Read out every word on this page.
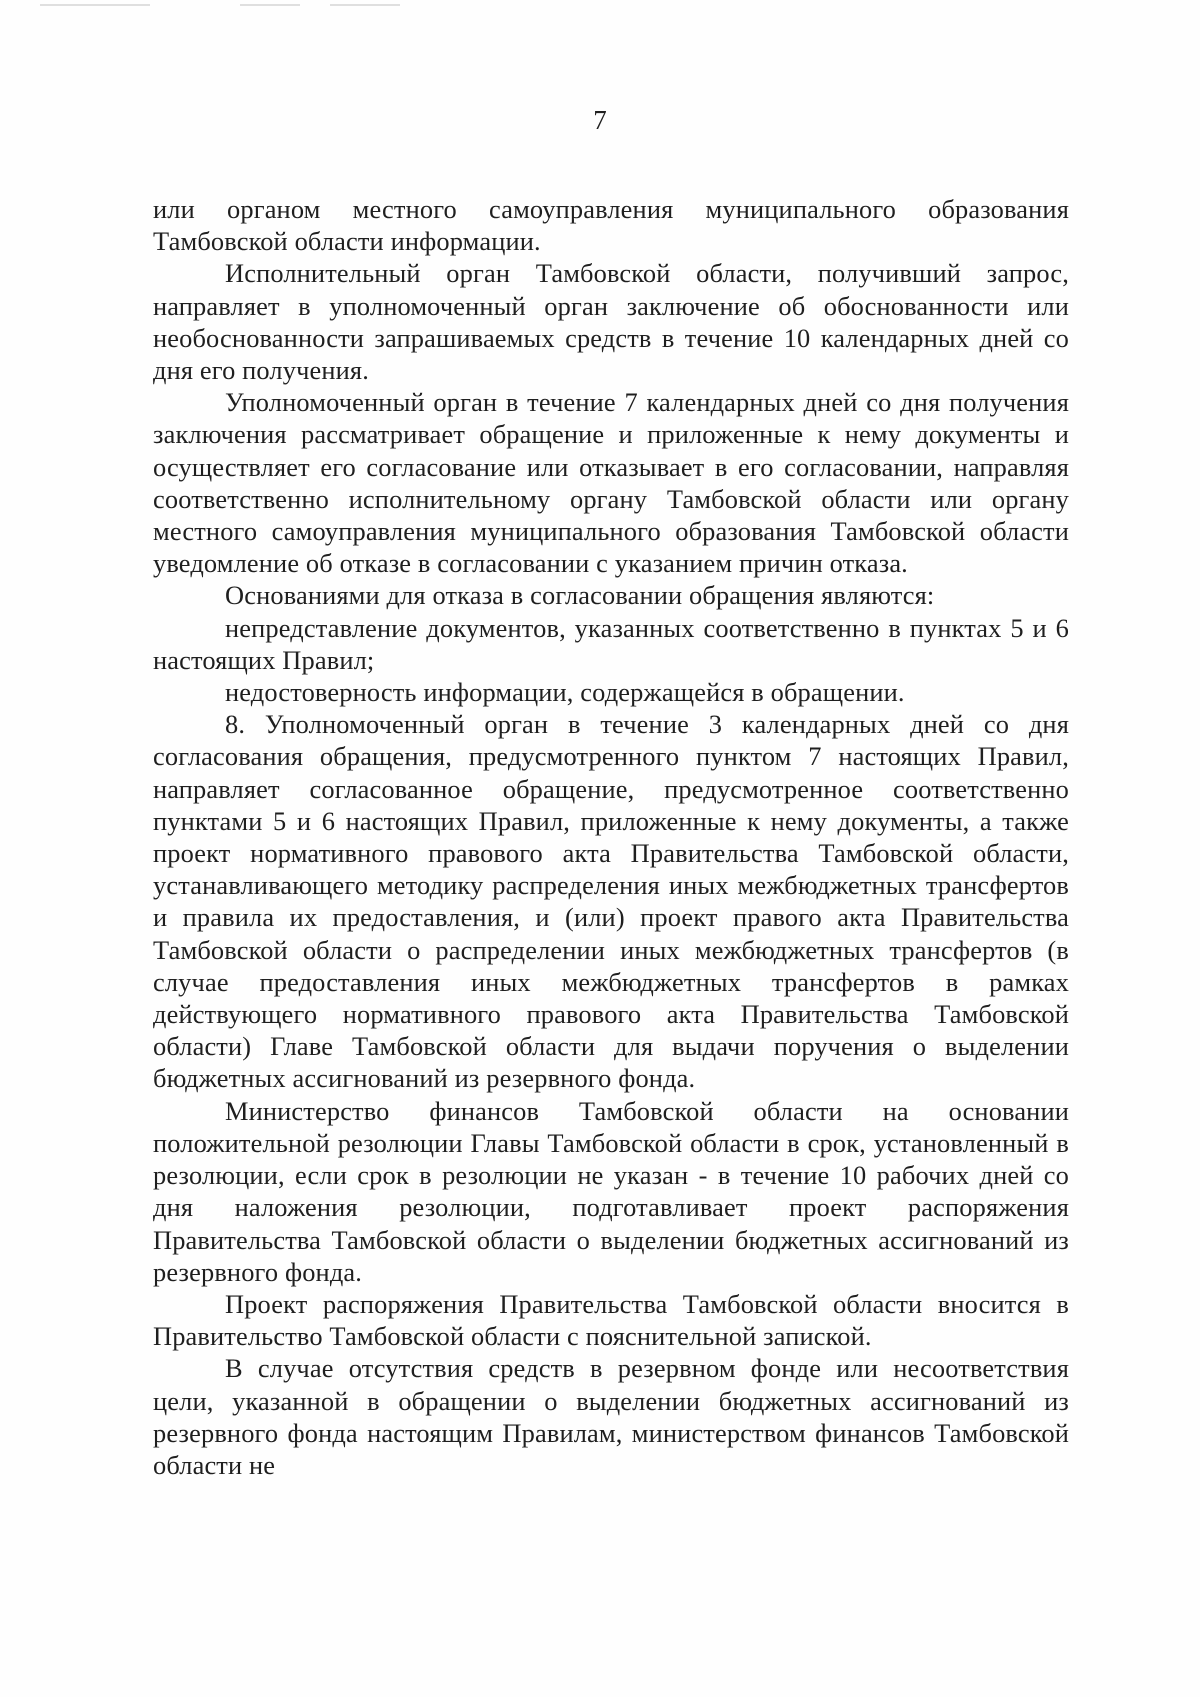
7

или органом местного самоуправления муниципального образования Тамбовской области информации.

Исполнительный орган Тамбовской области, получивший запрос, направляет в уполномоченный орган заключение об обоснованности или необоснованности запрашиваемых средств в течение 10 календарных дней со дня его получения.

Уполномоченный орган в течение 7 календарных дней со дня получения заключения рассматривает обращение и приложенные к нему документы и осуществляет его согласование или отказывает в его согласовании, направляя соответственно исполнительному органу Тамбовской области или органу местного самоуправления муниципального образования Тамбовской области уведомление об отказе в согласовании с указанием причин отказа.

Основаниями для отказа в согласовании обращения являются:

непредставление документов, указанных соответственно в пунктах 5 и 6 настоящих Правил;

недостоверность информации, содержащейся в обращении.

8. Уполномоченный орган в течение 3 календарных дней со дня согласования обращения, предусмотренного пунктом 7 настоящих Правил, направляет согласованное обращение, предусмотренное соответственно пунктами 5 и 6 настоящих Правил, приложенные к нему документы, а также проект нормативного правового акта Правительства Тамбовской области, устанавливающего методику распределения иных межбюджетных трансфертов и правила их предоставления, и (или) проект правого акта Правительства Тамбовской области о распределении иных межбюджетных трансфертов (в случае предоставления иных межбюджетных трансфертов в рамках действующего нормативного правового акта Правительства Тамбовской области) Главе Тамбовской области для выдачи поручения о выделении бюджетных ассигнований из резервного фонда.

Министерство финансов Тамбовской области на основании положительной резолюции Главы Тамбовской области в срок, установленный в резолюции, если срок в резолюции не указан - в течение 10 рабочих дней со дня наложения резолюции, подготавливает проект распоряжения Правительства Тамбовской области о выделении бюджетных ассигнований из резервного фонда.

Проект распоряжения Правительства Тамбовской области вносится в Правительство Тамбовской области с пояснительной запиской.

В случае отсутствия средств в резервном фонде или несоответствия цели, указанной в обращении о выделении бюджетных ассигнований из резервного фонда настоящим Правилам, министерством финансов Тамбовской области не
